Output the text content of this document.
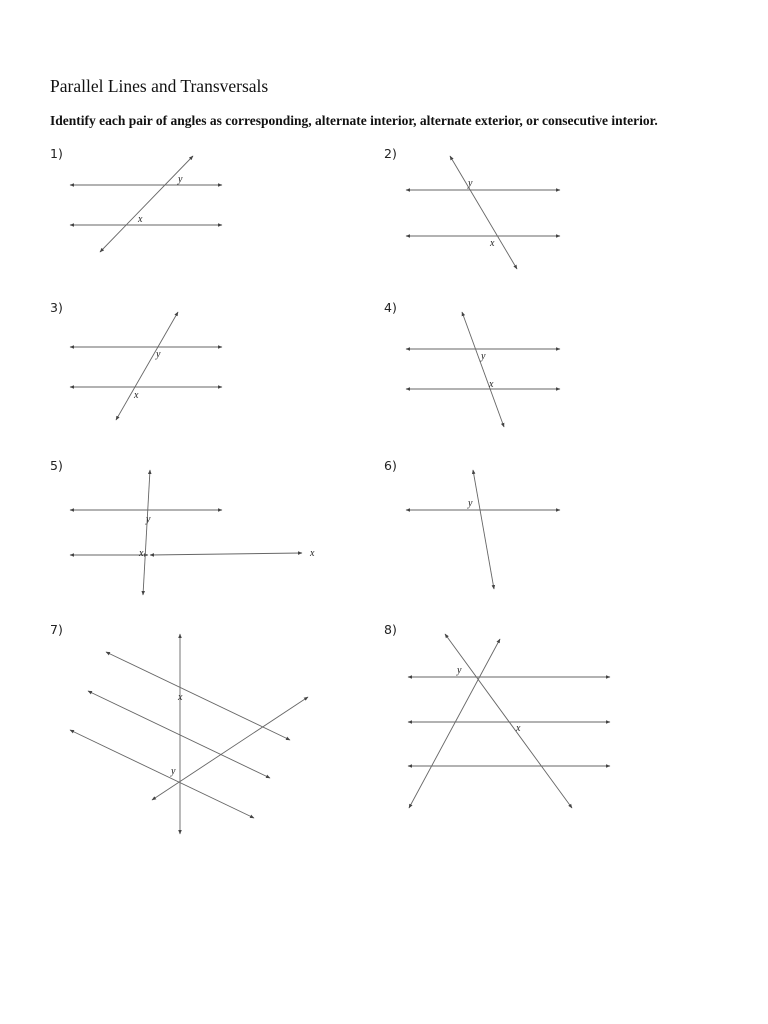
Parallel Lines and Transversals

Identify each pair of angles as corresponding, alternate interior, alternate exterior, or consecutive interior.

1)
y
x
2)
y
x
3)
y
x
4)
y
x
5)
y
x	x
6)
y
7)
x
y
8)
y
x
